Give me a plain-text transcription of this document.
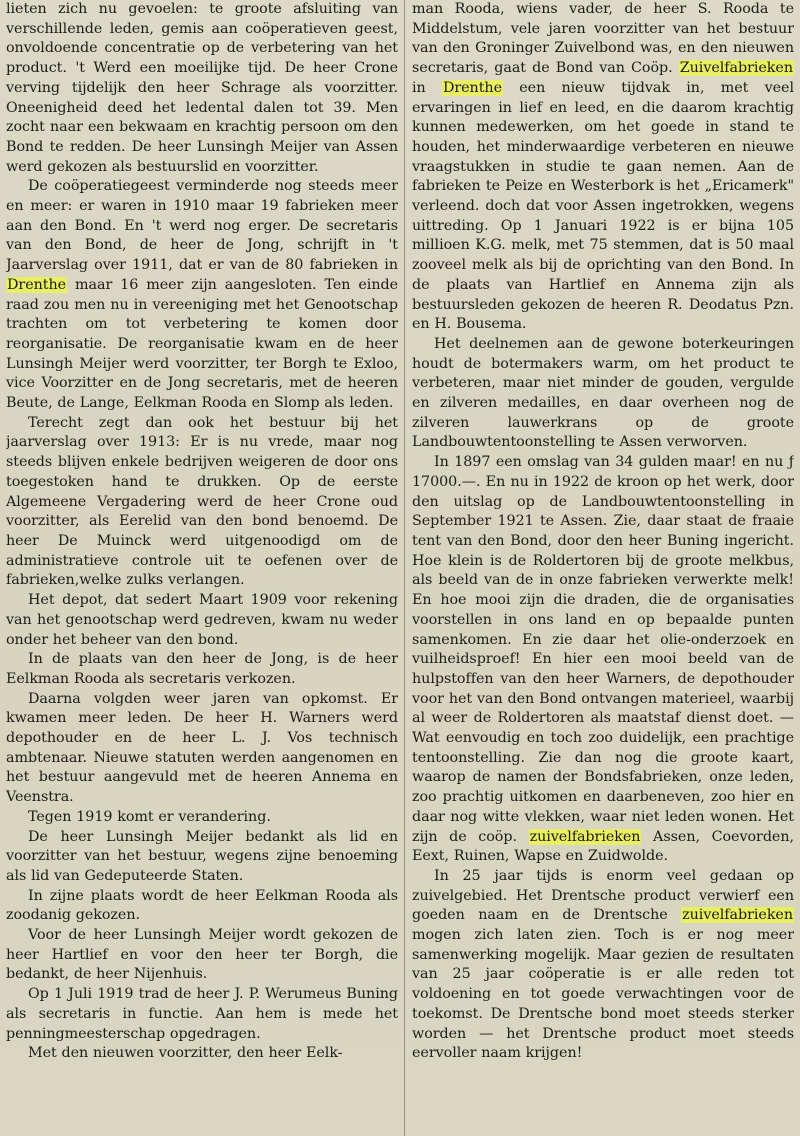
lieten zich nu gevoelen: te groote afsluiting van verschillende leden, gemis aan coöperatieven geest, onvoldoende concentratie op de verbetering van het product. 't Werd een moeilijke tijd. De heer Crone verving tijdelijk den heer Schrage als voorzitter. Oneenigheid deed het ledental dalen tot 39. Men zocht naar een bekwaam en krachtig persoon om den Bond te redden. De heer Lunsingh Meijer van Assen werd gekozen als bestuurslid en voorzitter.

De coöperatiegeest verminderde nog steeds meer en meer: er waren in 1910 maar 19 fabrieken meer aan den Bond. En 't werd nog erger. De secretaris van den Bond, de heer de Jong, schrijft in 't Jaarverslag over 1911, dat er van de 80 fabrieken in Drenthe maar 16 meer zijn aangesloten. Ten einde raad zou men nu in vereeniging met het Genootschap trachten om tot verbetering te komen door reorganisatie. De reorganisatie kwam en de heer Lunsingh Meijer werd voorzitter, ter Borgh te Exloo, vice Voorzitter en de Jong secretaris, met de heeren Beute, de Lange, Eelkman Rooda en Slomp als leden.

Terecht zegt dan ook het bestuur bij het jaarverslag over 1913: Er is nu vrede, maar nog steeds blijven enkele bedrijven weigeren de door ons toegestoken hand te drukken. Op de eerste Algemeene Vergadering werd de heer Crone oud voorzitter, als Eerelid van den bond benoemd. De heer De Muinck werd uitgenoodigd om de administratieve controle uit te oefenen over de fabrieken,welke zulks verlangen.

Het depot, dat sedert Maart 1909 voor rekening van het genootschap werd gedreven, kwam nu weder onder het beheer van den bond.

In de plaats van den heer de Jong, is de heer Eelkman Rooda als secretaris verkozen.

Daarna volgden weer jaren van opkomst. Er kwamen meer leden. De heer H. Warners werd depothouder en de heer L. J. Vos technisch ambtenaar. Nieuwe statuten werden aangenomen en het bestuur aangevuld met de heeren Annema en Veenstra.

Tegen 1919 komt er verandering.

De heer Lunsingh Meijer bedankt als lid en voorzitter van het bestuur, wegens zijne benoeming als lid van Gedeputeerde Staten.

In zijne plaats wordt de heer Eelkman Rooda als zoodanig gekozen.

Voor de heer Lunsingh Meijer wordt gekozen de heer Hartlief en voor den heer ter Borgh, die bedankt, de heer Nijenhuis.

Op 1 Juli 1919 trad de heer J. P. Werumeus Buning als secretaris in functie. Aan hem is mede het penningmeesterschap opgedragen.

Met den nieuwen voorzitter, den heer Eelk-

man Rooda, wiens vader, de heer S. Rooda te Middelstum, vele jaren voorzitter van het bestuur van den Groninger Zuivelbond was, en den nieuwen secretaris, gaat de Bond van Coöp. Zuivelfabrieken in Drenthe een nieuw tijdvak in, met veel ervaringen in lief en leed, en die daarom krachtig kunnen medewerken, om het goede in stand te houden, het minderwaardige verbeteren en nieuwe vraagstukken in studie te gaan nemen. Aan de fabrieken te Peize en Westerbork is het „Ericamerk" verleend. doch dat voor Assen ingetrokken, wegens uittreding. Op 1 Januari 1922 is er bijna 105 millioen K.G. melk, met 75 stemmen, dat is 50 maal zooveel melk als bij de oprichting van den Bond. In de plaats van Hartlief en Annema zijn als bestuursleden gekozen de heeren R. Deodatus Pzn. en H. Bousema.

Het deelnemen aan de gewone boterkeuringen houdt de botermakers warm, om het product te verbeteren, maar niet minder de gouden, vergulde en zilveren medailles, en daar overheen nog de zilveren lauwerkrans op de groote Landbouwtentoonstelling te Assen verworven.

In 1897 een omslag van 34 gulden maar! en nu ƒ 17000.—. En nu in 1922 de kroon op het werk, door den uitslag op de Landbouwtentoonstelling in September 1921 te Assen. Zie, daar staat de fraaie tent van den Bond, door den heer Buning ingericht. Hoe klein is de Roldertoren bij de groote melkbus, als beeld van de in onze fabrieken verwerkte melk! En hoe mooi zijn die draden, die de organisaties voorstellen in ons land en op bepaalde punten samenkomen. En zie daar het olie-onderzoek en vuilheidsproef! En hier een mooi beeld van de hulpstoffen van den heer Warners, de depothouder voor het van den Bond ontvangen materieel, waarbij al weer de Roldertoren als maatstaf dienst doet. — Wat eenvoudig en toch zoo duidelijk, een prachtige tentoonstelling. Zie dan nog die groote kaart, waarop de namen der Bondsfabrieken, onze leden, zoo prachtig uitkomen en daarbeneven, zoo hier en daar nog witte vlekken, waar niet leden wonen. Het zijn de coöp. zuivelfabrieken Assen, Coevorden, Eext, Ruinen, Wapse en Zuidwolde.

In 25 jaar tijds is enorm veel gedaan op zuivelgebied. Het Drentsche product verwierf een goeden naam en de Drentsche zuivelfabrieken mogen zich laten zien. Toch is er nog meer samenwerking mogelijk. Maar gezien de resultaten van 25 jaar coöperatie is er alle reden tot voldoening en tot goede verwachtingen voor de toekomst. De Drentsche bond moet steeds sterker worden — het Drentsche product moet steeds eervoller naam krijgen!
